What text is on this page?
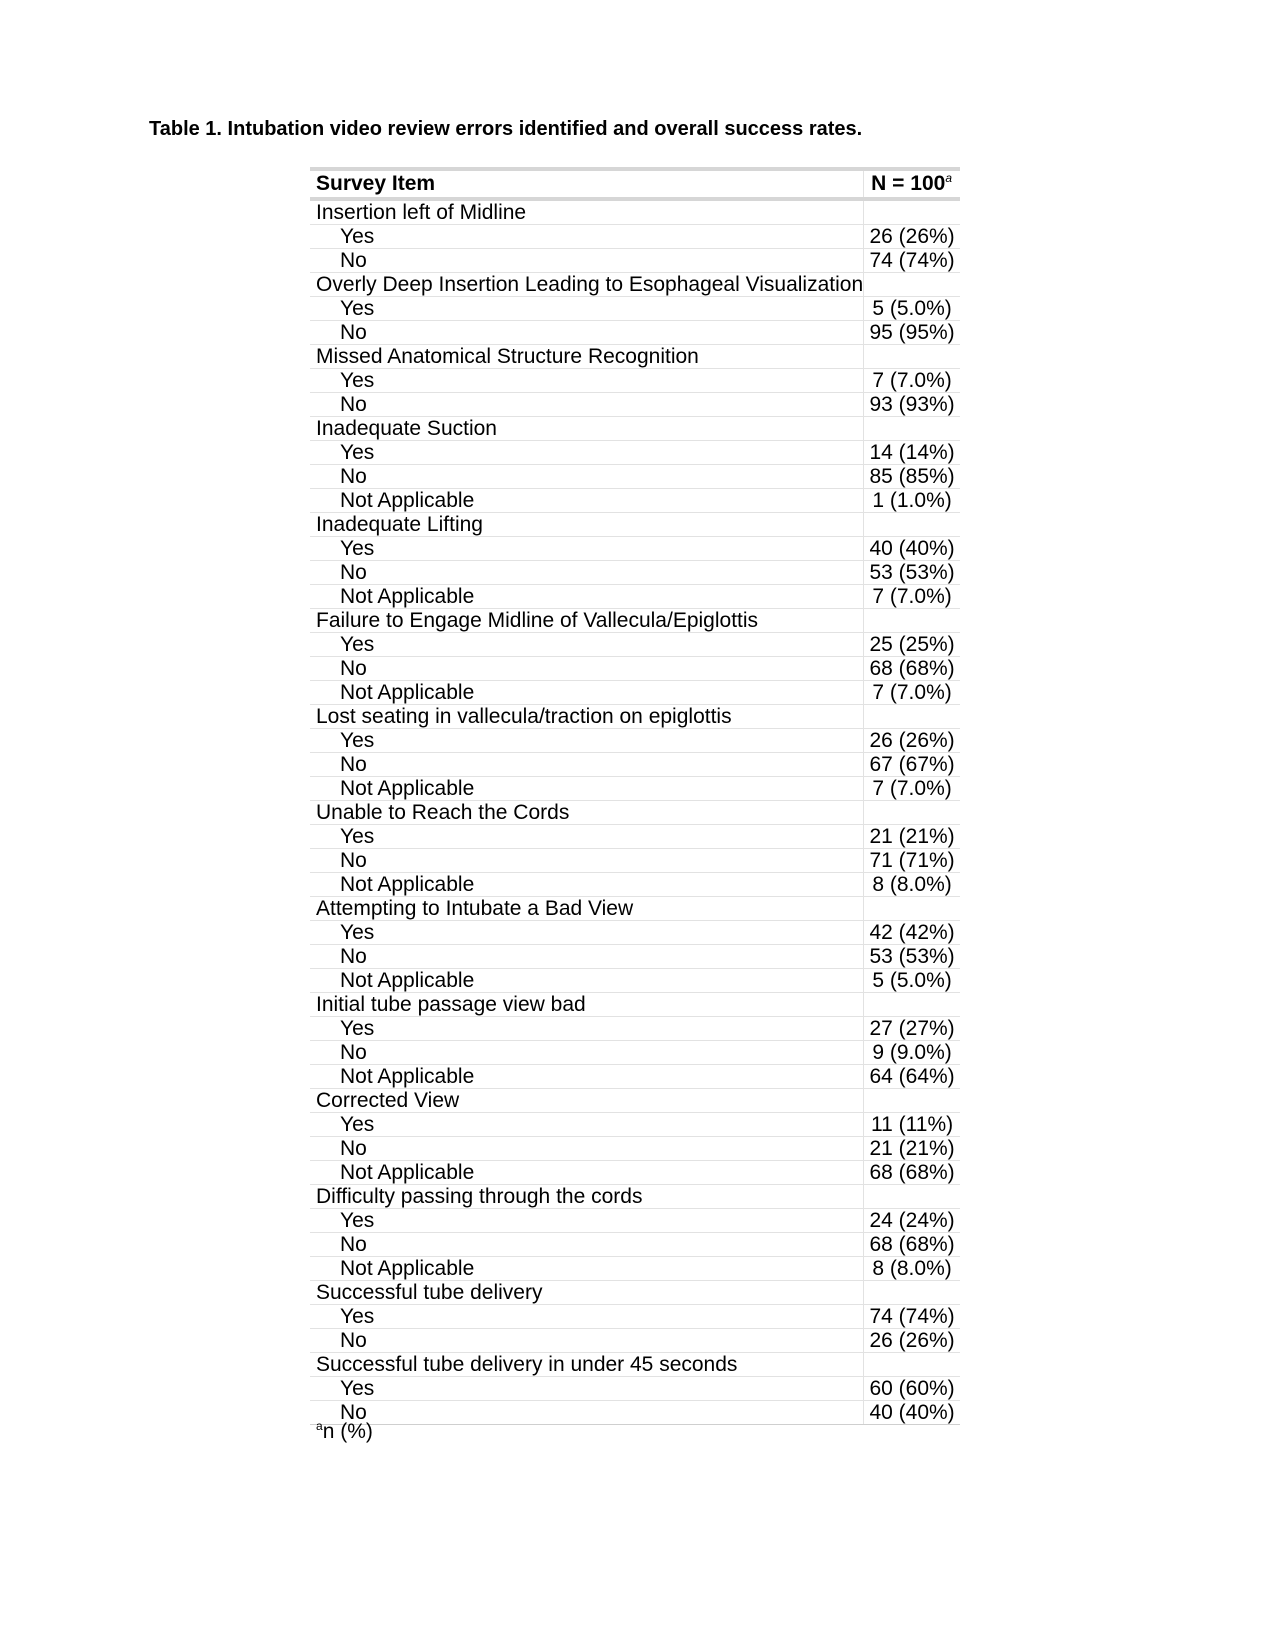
Table 1. Intubation video review errors identified and overall success rates.
Survey Item	$N = 100^a$
Insertion left of Midline	
Yes	26 (26%)
No	74 (74%)
Overly Deep Insertion Leading to Esophageal Visualization	
Yes	5 (5.0%)
No	95 (95%)
Missed Anatomical Structure Recognition	
Yes	7 (7.0%)
No	93 (93%)
Inadequate Suction	
Yes	14 (14%)
No	85 (85%)
Not Applicable	1 (1.0%)
Inadequate Lifting	
Yes	40 (40%)
No	53 (53%)
Not Applicable	7 (7.0%)
Failure to Engage Midline of Vallecula/Epiglottis	
Yes	25 (25%)
No	68 (68%)
Not Applicable	7 (7.0%)
Lost seating in vallecula/traction on epiglottis	
Yes	26 (26%)
No	67 (67%)
Not Applicable	7 (7.0%)
Unable to Reach the Cords	
Yes	21 (21%)
No	71 (71%)
Not Applicable	8 (8.0%)
Attempting to Intubate a Bad View	
Yes	42 (42%)
No	53 (53%)
Not Applicable	5 (5.0%)
Initial tube passage view bad	
Yes	27 (27%)
No	9 (9.0%)
Not Applicable	64 (64%)
Corrected View	
Yes	11 (11%)
No	21 (21%)
Not Applicable	68 (68%)
Difficulty passing through the cords	
Yes	24 (24%)
No	68 (68%)
Not Applicable	8 (8.0%)
Successful tube delivery	
Yes	74 (74%)
No	26 (26%)
Successful tube delivery in under 45 seconds	
Yes	60 (60%)
No	40 (40%)
$^a$n (%)
